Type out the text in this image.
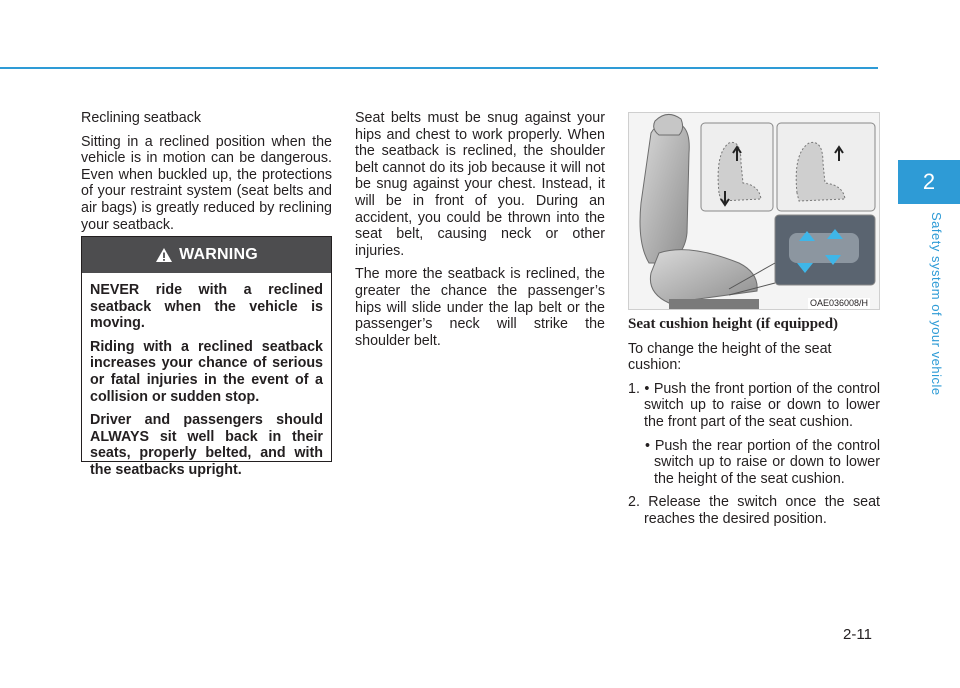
Reclining seatback

Sitting in a reclined position when the vehicle is in motion can be dangerous. Even when buckled up, the protections of your restraint system (seat belts and air bags) is greatly reduced by reclining your seatback.

WARNING

NEVER ride with a reclined seatback when the vehicle is moving.

Riding with a reclined seatback increases your chance of serious or fatal injuries in the event of a collision or sudden stop.

Driver and passengers should ALWAYS sit well back in their seats, properly belted, and with the seatbacks upright.

Seat belts must be snug against your hips and chest to work properly. When the seatback is reclined, the shoulder belt cannot do its job because it will not be snug against your chest. Instead, it will be in front of you. During an accident, you could be thrown into the seat belt, causing neck or other injuries.

The more the seatback is reclined, the greater the chance the passenger’s hips will slide under the lap belt or the passenger’s neck will strike the shoulder belt.

OAE036008/H

Seat cushion height (if equipped)

To change the height of the seat cushion:

1. • Push the front portion of the control switch up to raise or down to lower the front part of the seat cushion.

• Push the rear portion of the control switch up to raise or down to lower the height of the seat cushion.

2. Release the switch once the seat reaches the desired position.

2
Safety system of your vehicle
2-11
